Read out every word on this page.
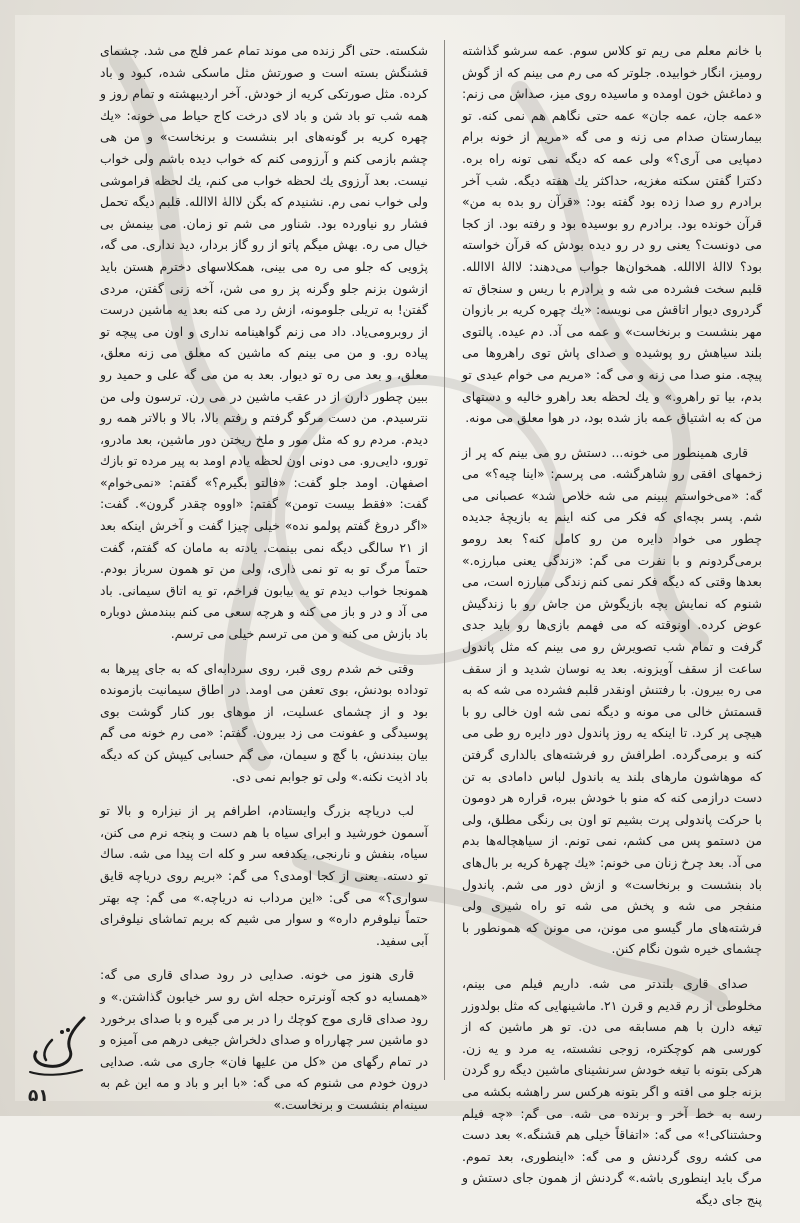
با خانم معلم می ریم تو کلاس سوم. عمه سرشو گذاشته رومیز، انگار خوابیده. جلوتر که می رم می بینم که از گوش و دماغش خون اومده و ماسیده روی میز، صداش می زنم: «عمه جان، عمه جان» عمه حتی نگاهم هم نمی کنه. تو بیمارستان صدام می زنه و می گه «مریم از خونه برام دمپایی می آری؟» ولی عمه که دیگه نمی تونه راه بره. دکترا گفتن سکته مغزیه، حداکثر یك هفته دیگه. شب آخر برادرم رو صدا زده بود گفته بود: «قرآن رو بده به من» قرآن خونده بود. برادرم رو بوسیده بود و رفته بود. از کجا می دونست؟ یعنی رو در رو دیده بودش که قرآن خواسته بود؟ لاالهٰ الاالله. همخوان‌ها جواب می‌دهند: لاالهٰ الاالله. قلبم سخت فشرده می شه و برادرم با ریس و سنجاق ته گردروی دیوار اتاقش می نویسه: «یك چهره کریه بر بازوان مهر بنشست و برنخاست» و عمه می آد. دم عیده. پالتوی بلند سیاهش رو پوشیده و صدای پاش توی راهروها می پیچه. منو صدا می زنه و می گه: «مریم می خوام عیدی تو بدم، بیا تو راهرو.» و یك لحظه بعد راهرو خالیه و دستهای من که به اشتیاق عمه باز شده بود، در هوا معلق می مونه.

قاری همینطور می خونه... دستش رو می بینم که پر از زخمهای افقی رو شاهرگشه. می پرسم: «اینا چیه؟» می گه: «می‌خواستم ببینم می شه خلاص شد» عصبانی می شم. پسر بچه‌ای که فکر می کنه اینم یه بازیچهٔ جدیده چطور می خواد دایره من رو کامل کنه؟ بعد رومو برمی‌گردونم و با نفرت می گم: «زندگی یعنی مبارزه.» بعدها وقتی که دیگه فکر نمی کنم زندگی مبارزه است، می شنوم که نمایش بچه بازیگوش من جاش رو با زندگیش عوض کرده. اونوقته که می فهمم بازی‌ها رو باید جدی گرفت و تمام شب تصویرش رو می بینم که مثل پاندول ساعت از سقف آویزونه. بعد یه نوسان شدید و از سقف می ره بیرون. با رفتنش اونقدر قلبم فشرده می شه که به قسمتش خالی می مونه و دیگه نمی شه اون خالی رو با هیچی پر کرد. تا اینکه یه روز پاندول دور دایره رو طی می کنه و برمی‌گرده. اطرافش رو فرشته‌های بالداری گرفتن که موهاشون مارهای بلند یه باندول لباس دامادی به تن دست درازمی کنه که منو با خودش ببره، قراره هر دومون با حرکت پاندولی پرت بشیم تو اون بی رنگی مطلق، ولی من دستمو پس می کشم، نمی تونم. از سیاهچاله‌ها بدم می آد. بعد چرخ زنان می خونم: «یك چهرهٔ کریه بر بال‌های باد بنشست و برنخاست» و ازش دور می شم. پاندول منفجر می شه و پخش می شه تو راه شیری ولی فرشته‌های مار گیسو می مونن، می مونن که همونطور با چشمای خیره شون نگام کنن.

صدای قاری بلندتر می شه. داریم فیلم می بینم، مخلوطی از رم قدیم و قرن ۲۱. ماشینهایی که مثل بولدوزر تیغه دارن با هم مسابقه می دن. تو هر ماشین که از کورسی هم کوچکتره، زوجی نشسته، یه مرد و یه زن. هرکی بتونه با تیغه خودش سرنشینای ماشین دیگه رو گردن بزنه جلو می افته و اگر بتونه هرکس سر راهشه بکشه می رسه به خط آخر و برنده می شه. می گم: «چه فیلم وحشتناکی!» می گه: «اتفاقاً خیلی هم قشنگه.» بعد دست می کشه روی گردنش و می گه: «اینطوری، بعد تموم. مرگ باید اینطوری باشه.» گردنش از همون جای دستش و پنج جای دیگه

شکسته. حتی اگر زنده می موند تمام عمر فلج می شد. چشمای قشنگش بسته است و صورتش مثل ماسکی شده، کبود و باد کرده. مثل صورتکی کریه از خودش. آخر اردیبهشته و تمام روز و همه شب تو باد شن و باد لای درخت کاج حیاط می خونه: «یك چهره کریه بر گونه‌های ابر بنشست و برنخاست» و من هی چشم بازمی کنم و آرزومی کنم که خواب دیده باشم ولی خواب نیست. بعد آرزوی یك لحظه خواب می کنم، یك لحظه فراموشی ولی خواب نمی رم. نشنیدم که بگن لاالهٰ الاالله. قلبم دیگه تحمل فشار رو نیاورده بود. شناور می شم تو زمان. می بینمش بی خیال می ره. بهش میگم پاتو از رو گاز بردار، دید نداری. می گه، پژویی که جلو می ره می بینی، همکلاسهای دخترم هستن باید ازشون بزنم جلو وگرنه پز رو می شن، آخه زنی گفتن، مردی گفتن! به تریلی جلومونه، ازش رد می کنه بعد یه ماشین درست از روبرومی‌یاد. داد می زنم گواهینامه نداری و اون می پیچه تو پیاده رو. و من می بینم که ماشین که معلق می زنه معلق، معلق، و بعد می ره تو دیوار. بعد به من می گه علی و حمید رو ببین چطور دارن از در عقب ماشین در می رن. ترسون ولی من نترسیدم. من دست مرگو گرفتم و رفتم بالا، بالا و بالاتر همه رو دیدم. مردم رو که مثل مور و ملخ ریختن دور ماشین، بعد مادرو، تورو، دایی‌رو. می دونی اون لحظه یادم اومد به پیر مرده تو بازك اصفهان. اومد جلو گفت: «فالتو بگیرم؟» گفتم: «نمی‌خوام» گفت: «فقط بیست تومن» گفتم: «اووه چقدر گرون». گفت: «اگر دروغ گفتم پولمو نده» خیلی چیزا گفت و آخرش اینکه بعد از ۲۱ سالگی دیگه نمی بینمت. یادته به مامان که گفتم، گفت حتماً مرگ تو به تو نمی ذاری، ولی من تو همون سرباز بودم. همونجا خواب دیدم تو یه بیابون فراخم، تو یه اتاق سیمانی. باد می آد و در و باز می کنه و هرچه سعی می کنم ببندمش دوباره باد بازش می کنه و من می ترسم خیلی می ترسم.

وقتی خم شدم روی قبر، روی سردابه‌ای که به جای پیرها به توداده بودنش، بوی تعفن می اومد. در اطاق سیمانیت بازمونده بود و از چشمای عسلیت، از موهای بور کنار گوشت بوی پوسیدگی و عفونت می زد بیرون. گفتم: «می رم خونه می گم بیان ببندنش، با گچ و سیمان، می گم حسابی کیپش کن که دیگه باد اذیت نکنه.» ولی تو جوابم نمی دی.

لب دریاچه بزرگ وایستادم، اطرافم پر از نیزاره و بالا تو آسمون خورشید و ابرای سیاه با هم دست و پنجه نرم می کنن، سیاه، بنفش و نارنجی، یکدفعه سر و کله ات پیدا می شه. ساك تو دسته. یعنی از کجا اومدی؟ می گم: «بریم روی دریاچه قایق سواری؟» می گی: «این مرداب نه دریاچه.» می گم: چه بهتر حتماً نیلوفرم داره» و سوار می شیم که بریم تماشای نیلوفرای آبی سفید.

قاری هنوز می خونه. صدایی در رود صدای قاری می گه: «همسایه دو کجه آونرتره حجله اش رو سر خیابون گذاشتن.» و رود صدای قاری موج کوچك را در بر می گیره و با صدای برخورد دو ماشین سر چهارراه و صدای دلخراش جیغی درهم می آمیزه و در تمام رگهای من «کل من علیها فان» جاری می شه. صدایی درون خودم می شنوم که می گه: «با ابر و باد و مه این غم به سینه‌ام بنشست و برنخاست.»

۵۱
